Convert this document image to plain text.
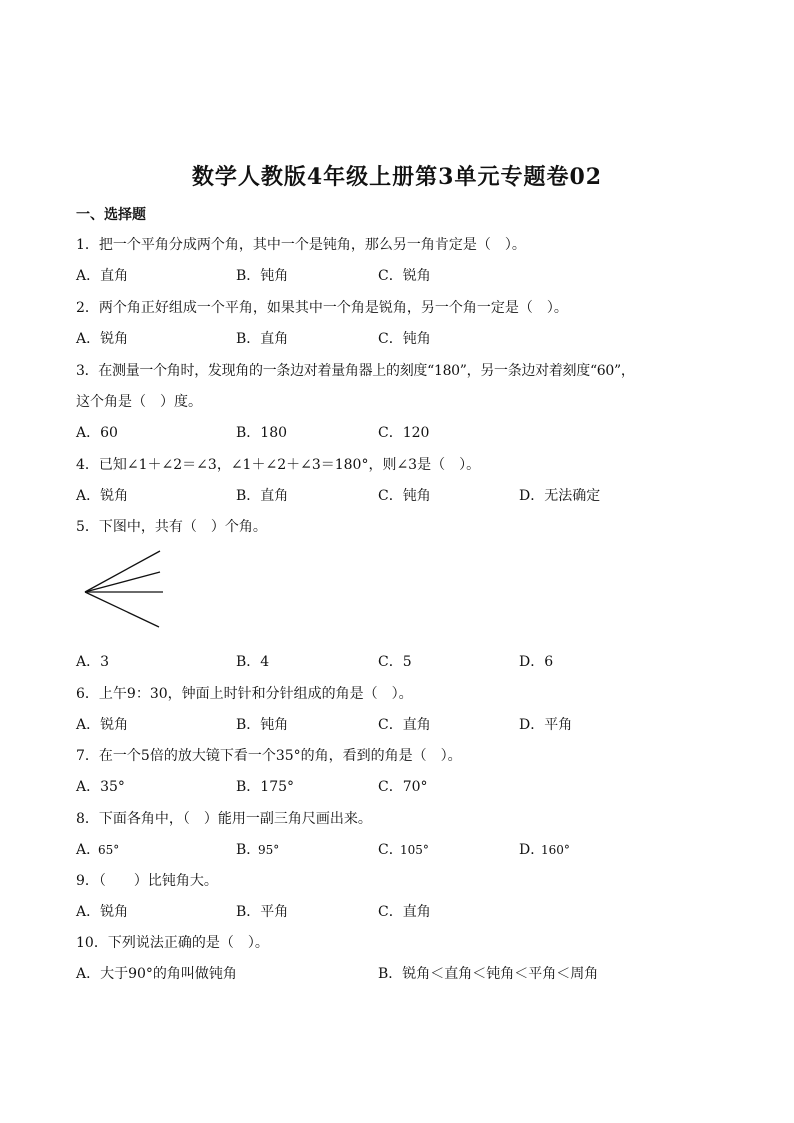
数学人教版4年级上册第3单元专题卷02
一、选择题
1．把一个平角分成两个角，其中一个是钝角，那么另一角肯定是（　）。
A．直角	B．钝角	C．锐角
2．两个角正好组成一个平角，如果其中一个角是锐角，另一个角一定是（　）。
A．锐角	B．直角	C．钝角
3．在测量一个角时，发现角的一条边对着量角器上的刻度“180”，另一条边对着刻度“60”，
这个角是（　）度。
A．60	B．180	C．120
4．已知∠1＋∠2＝∠3，∠1＋∠2＋∠3＝180°，则∠3是（　）。
A．锐角	B．直角	C．钝角	D．无法确定
5．下图中，共有（　）个角。
A．3	B．4	C．5	D．6
6．上午9：30，钟面上时针和分针组成的角是（　）。
A．锐角	B．钝角	C．直角	D．平角
7．在一个5倍的放大镜下看一个35°的角，看到的角是（　）。
A．35°	B．175°	C．70°
8．下面各角中，（　）能用一副三角尺画出来。
A．65°	B．95°	C．105°	D．160°
9．（　　）比钝角大。
A．锐角	B．平角	C．直角
10．下列说法正确的是（　）。
A．大于90°的角叫做钝角	B．锐角＜直角＜钝角＜平角＜周角
